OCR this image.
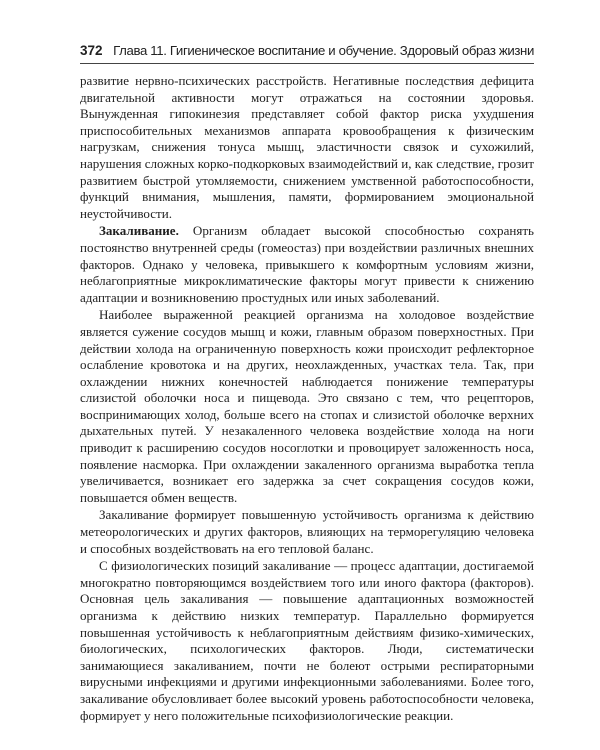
372 Глава 11. Гигиеническое воспитание и обучение. Здоровый образ жизни

развитие нервно-психических расстройств. Негативные последствия дефицита двигательной активности могут отражаться на состоянии здоровья. Вынужденная гипокинезия представляет собой фактор риска ухудшения приспособительных механизмов аппарата кровообращения к физическим нагрузкам, снижения тонуса мышц, эластичности связок и сухожилий, нарушения сложных корко-подкорковых взаимодействий и, как следствие, грозит развитием быстрой утомляемости, снижением умственной работоспособности, функций внимания, мышления, памяти, формированием эмоциональной неустойчивости.

Закаливание. Организм обладает высокой способностью сохранять постоянство внутренней среды (гомеостаз) при воздействии различных внешних факторов. Однако у человека, привыкшего к комфортным условиям жизни, неблагоприятные микроклиматические факторы могут привести к снижению адаптации и возникновению простудных или иных заболеваний.

Наиболее выраженной реакцией организма на холодовое воздействие является сужение сосудов мышц и кожи, главным образом поверхностных. При действии холода на ограниченную поверхность кожи происходит рефлекторное ослабление кровотока и на других, неохлажденных, участках тела. Так, при охлаждении нижних конечностей наблюдается понижение температуры слизистой оболочки носа и пищевода. Это связано с тем, что рецепторов, воспринимающих холод, больше всего на стопах и слизистой оболочке верхних дыхательных путей. У незакаленного человека воздействие холода на ноги приводит к расширению сосудов носоглотки и провоцирует заложенность носа, появление насморка. При охлаждении закаленного организма выработка тепла увеличивается, возникает его задержка за счет сокращения сосудов кожи, повышается обмен веществ.

Закаливание формирует повышенную устойчивость организма к действию метеорологических и других факторов, влияющих на терморегуляцию человека и способных воздействовать на его тепловой баланс.

С физиологических позиций закаливание — процесс адаптации, достигаемой многократно повторяющимся воздействием того или иного фактора (факторов). Основная цель закаливания — повышение адаптационных возможностей организма к действию низких температур. Параллельно формируется повышенная устойчивость к неблагоприятным действиям физико-химических, биологических, психологических факторов. Люди, систематически занимающиеся закаливанием, почти не болеют острыми респираторными вирусными инфекциями и другими инфекционными заболеваниями. Более того, закаливание обусловливает более высокий уровень работоспособности человека, формирует у него положительные психофизиологические реакции.
